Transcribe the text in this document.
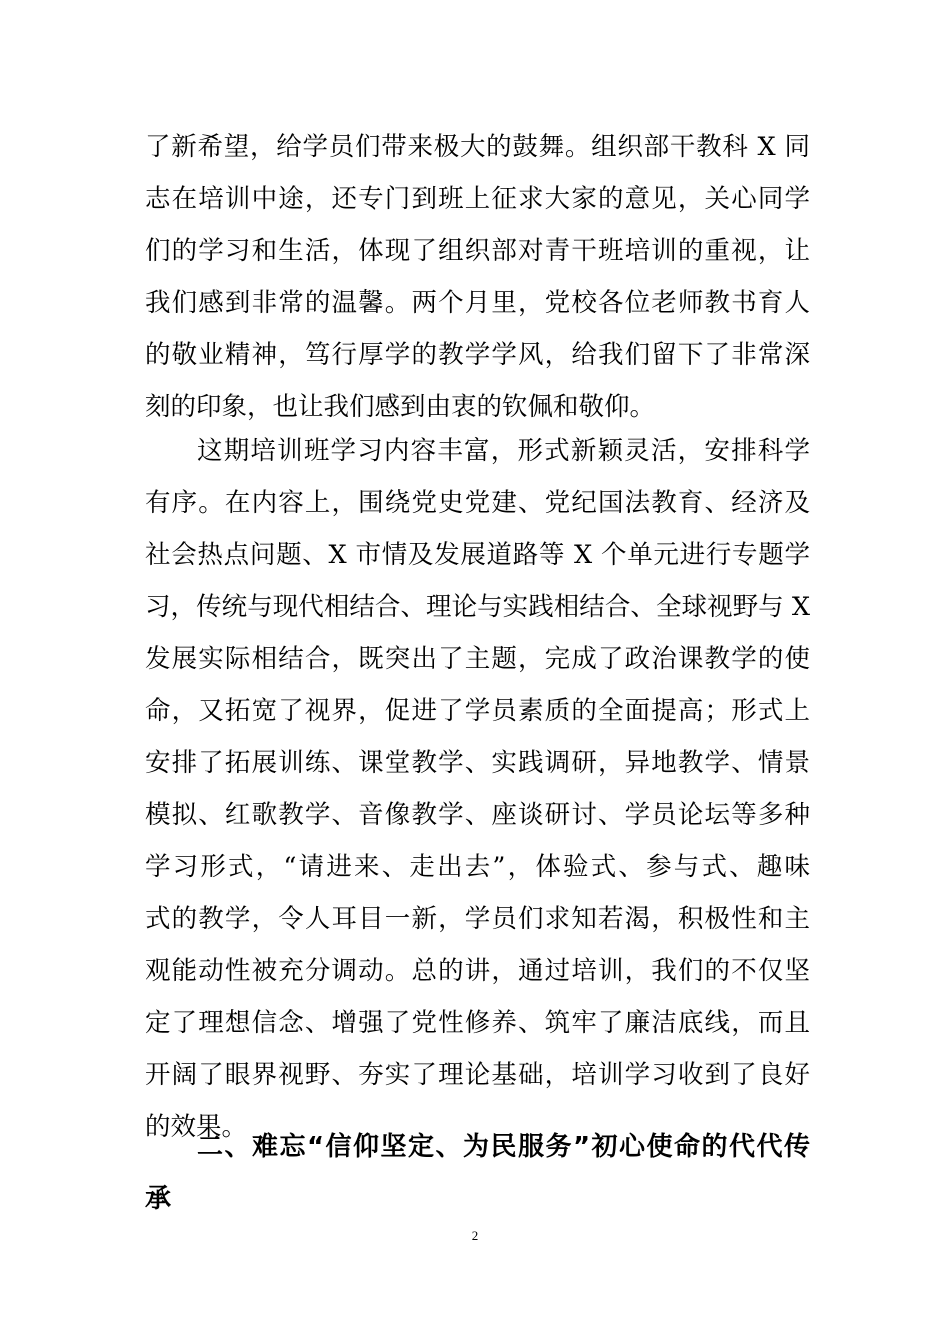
了新希望，给学员们带来极大的鼓舞。组织部干教科 X 同
志在培训中途，还专门到班上征求大家的意见，关心同学
们的学习和生活，体现了组织部对青干班培训的重视，让
我们感到非常的温馨。两个月里，党校各位老师教书育人
的敬业精神，笃行厚学的教学学风，给我们留下了非常深
刻的印象，也让我们感到由衷的钦佩和敬仰。
这期培训班学习内容丰富，形式新颖灵活，安排科学
有序。在内容上，围绕党史党建、党纪国法教育、经济及
社会热点问题、X 市情及发展道路等 X 个单元进行专题学
习，传统与现代相结合、理论与实践相结合、全球视野与 X
发展实际相结合，既突出了主题，完成了政治课教学的使
命，又拓宽了视界，促进了学员素质的全面提高；形式上
安排了拓展训练、课堂教学、实践调研，异地教学、情景
模拟、红歌教学、音像教学、座谈研讨、学员论坛等多种
学习形式，“请进来、走出去”，体验式、参与式、趣味
式的教学，令人耳目一新，学员们求知若渴，积极性和主
观能动性被充分调动。总的讲，通过培训，我们的不仅坚
定了理想信念、增强了党性修养、筑牢了廉洁底线，而且
开阔了眼界视野、夯实了理论基础，培训学习收到了良好
的效果。
二、难忘“信仰坚定、为民服务”初心使命的代代传
承
2
